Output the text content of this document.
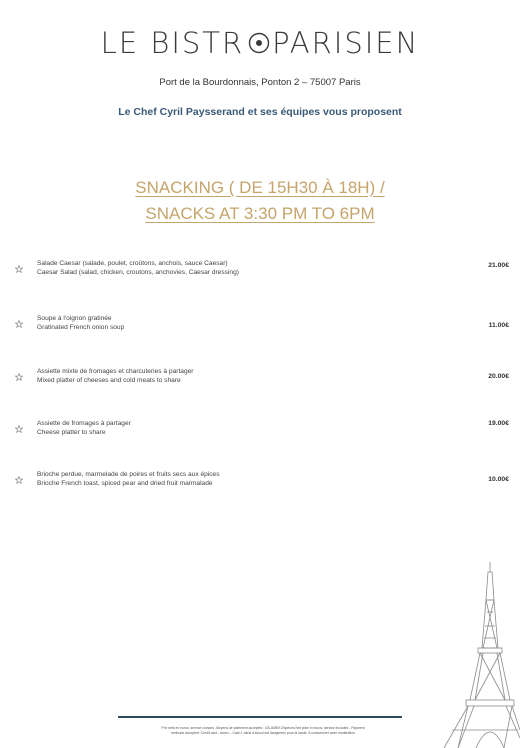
LE BISTR PARISIEN
Port de la Bourdonnais, Ponton 2 – 75007 Paris
Le Chef Cyril Paysserand et ses équipes vous proposent
SNACKING ( DE 15H30 À 18H) /
SNACKS AT 3:30 PM TO 6PM
Salade Caesar (salade, poulet, croûtons, anchois, sauce Caesar)
Caesar Salad (salad, chicken, croutons, anchovies, Caesar dressing)
21.00€
Soupe à l'oignon gratinée
Gratinated French onion soup	11.00€
Assiette mixte de fromages et charcuteries à partager
Mixed platter of cheeses and cold meats to share
20.00€
Assiette de fromages à partager
Cheese platter to share
19.00€
Brioche perdue, marmelade de poires et fruits secs aux épices
Brioche French toast, spiced pear and dried fruit marmalade
10.00€
Prix nets en euros, service compris -Moyens de paiement acceptés : CB-AMEX-Espèces Net price in euros, service included - Payment
methods accepted: Credit card - Amex – Cash L'abus d'alcool est dangereux pour la santé. A consommer avec modération
